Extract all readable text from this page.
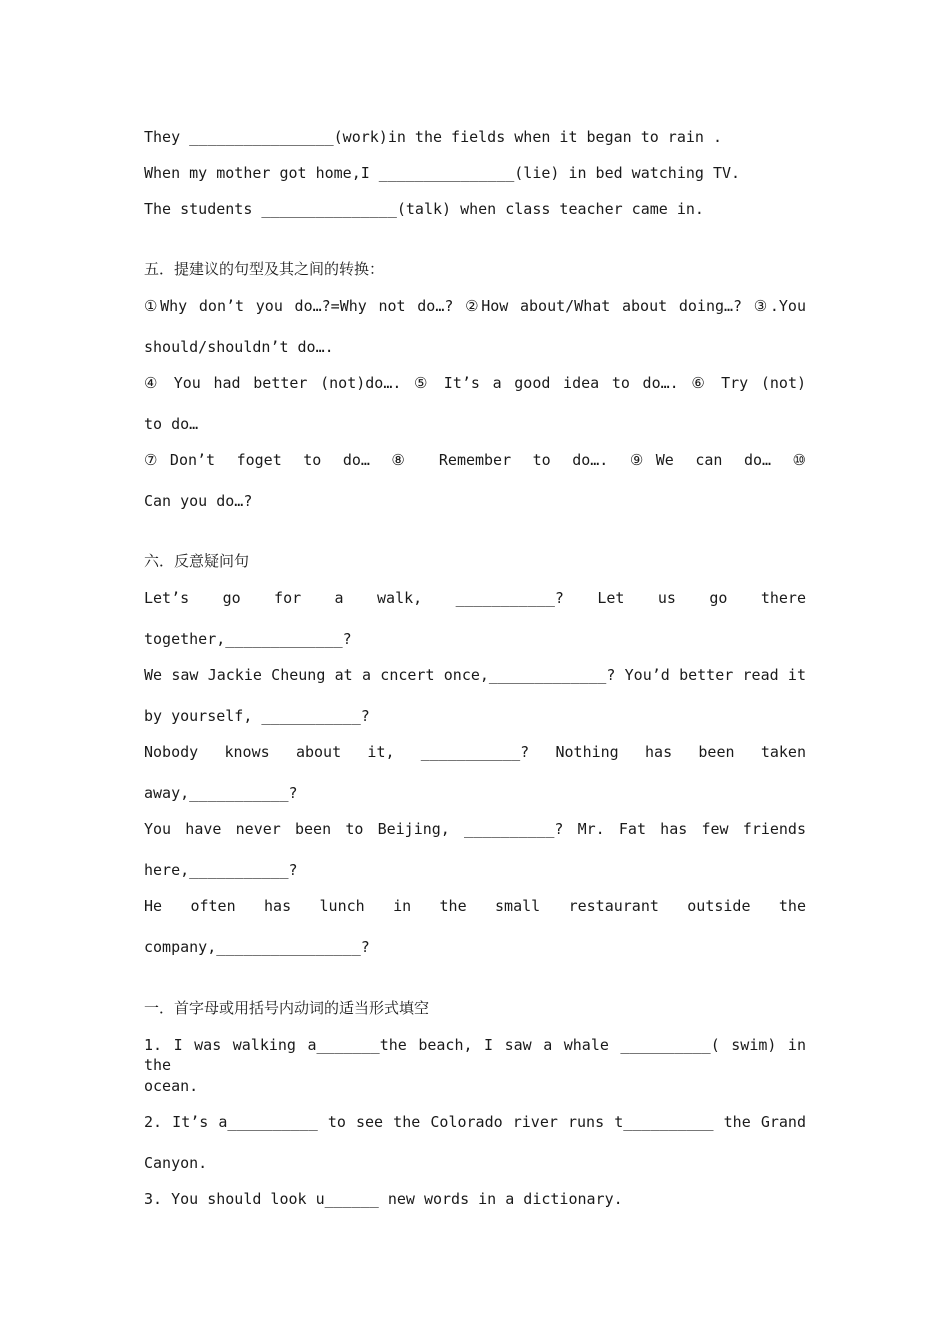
They ________________(work)in the fields when it began to rain .
When my mother got home,I _______________(lie) in bed watching TV.
The students _______________(talk) when class teacher came in.
五．提建议的句型及其之间的转换：
①Why don’t you do…?=Why not do…? ②How about/What about doing…? ③.You
should/shouldn’t do….
④ You had better (not)do…. ⑤ It’s a good idea to do…. ⑥ Try (not)
to do…
⑦Don’t foget to do… ⑧ Remember to do…. ⑨We can do… ⑩
Can you do…?
六．反意疑问句
Let’s go for a walk, ___________? Let us go there
together,_____________?
We saw Jackie Cheung at a cncert once,_____________? You’d better read it
by yourself, ___________?
Nobody knows about it, ___________? Nothing has been taken
away,___________?
You have never been to Beijing, __________? Mr. Fat has few friends
here,___________?
He often has lunch in the small restaurant outside the
company,________________?
一．首字母或用括号内动词的适当形式填空
1. I was walking a_______the beach, I saw a whale __________( swim) in the
ocean.
2. It’s a__________ to see the Colorado river runs t__________ the Grand
Canyon.
3. You should look u______ new words in a dictionary.
